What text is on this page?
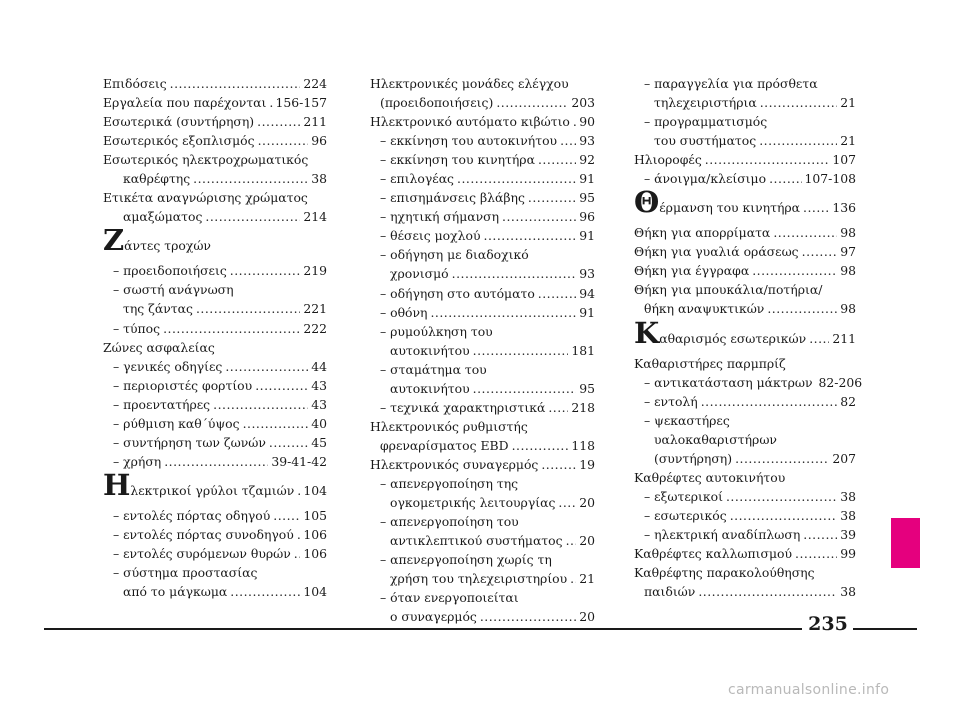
Επιδόσεις .....	224
Εργαλεία που παρέχονται ..... 156-157
Εσωτερικά (συντήρηση) .....	211
Εσωτερικός εξοπλισμός .....	96
Εσωτερικός ηλεκτροχρωματικός
καθρέφτης .....	38
Ετικέτα αναγνώρισης χρώματος
αμαξώματος .....	214
Ζάντες τροχών
– προειδοποιήσεις .....	219
– σωστή ανάγνωση
της ζάντας .....	221
– τύπος .....	222
Ζώνες ασφαλείας
– γενικές οδηγίες .....	44
– περιοριστές φορτίου .....	43
– προεντατήρες .....	43
– ρύθμιση καθ΄ύψος .....	40
– συντήρηση των ζωνών .....	45
– χρήση .....	39-41-42
Ηλεκτρικοί γρύλοι τζαμιών ..... 104
– εντολές πόρτας οδηγού .....	105
– εντολές πόρτας συνοδηγού ..... 106
– εντολές συρόμενων θυρών ..... 106
– σύστημα προστασίας
από το μάγκωμα .....	104
Ηλεκτρονικές μονάδες ελέγχου
(προειδοποιήσεις) .....	203
Ηλεκτρονικό αυτόματο κιβώτιο ..... 90
– εκκίνηση του αυτοκινήτου ..... 93
– εκκίνηση του κινητήρα .....	92
– επιλογέας .....	91
– επισημάνσεις βλάβης .....	95
– ηχητική σήμανση .....	96
– θέσεις μοχλού .....	91
– οδήγηση με διαδοχικό
χρονισμό .....	93
– οδήγηση στο αυτόματο .....	94
– οθόνη .....	91
– ρυμούλκηση του
αυτοκινήτου .....	181
– σταμάτημα του
αυτοκινήτου .....	95
– τεχνικά χαρακτηριστικά ..... 218
Ηλεκτρονικός ρυθμιστής
φρεναρίσματος EBD .....	118
Ηλεκτρονικός συναγερμός .....	19
– απενεργοποίηση της
ογκομετρικής λειτουργίας ..... 20
– απενεργοποίηση του
αντικλεπτικού συστήματος ..... 20
– απενεργοποίηση χωρίς τη
χρήση του τηλεχειριστηρίου ..... 21
– όταν ενεργοποιείται
ο συναγερμός .....	20
– παραγγελία για πρόσθετα
τηλεχειριστήρια .....	21
– προγραμματισμός
του συστήματος .....	21
Ηλιοροφές .....	107
– άνοιγμα/κλείσιμο .....	107-108
Θέρμανση του κινητήρα .....	136
Θήκη για απορρίματα .....	98
Θήκη για γυαλιά οράσεως .....	97
Θήκη για έγγραφα .....	98
Θήκη για μπουκάλια/ποτήρια/
θήκη αναψυκτικών .....	98
Καθαρισμός εσωτερικών ..... 211
Καθαριστήρες παρμπρίζ
– αντικατάσταση μάκτρων 82-206
– εντολή .....	82
– ψεκαστήρες
υαλοκαθαριστήρων
(συντήρηση) .....	207
Καθρέφτες αυτοκινήτου
– εξωτερικοί .....	38
– εσωτερικός .....	38
– ηλεκτρική αναδίπλωση .....	39
Καθρέφτες καλλωπισμού .....	99
Καθρέφτης παρακολούθησης
παιδιών .....	38
235
carmanualsonline.info
